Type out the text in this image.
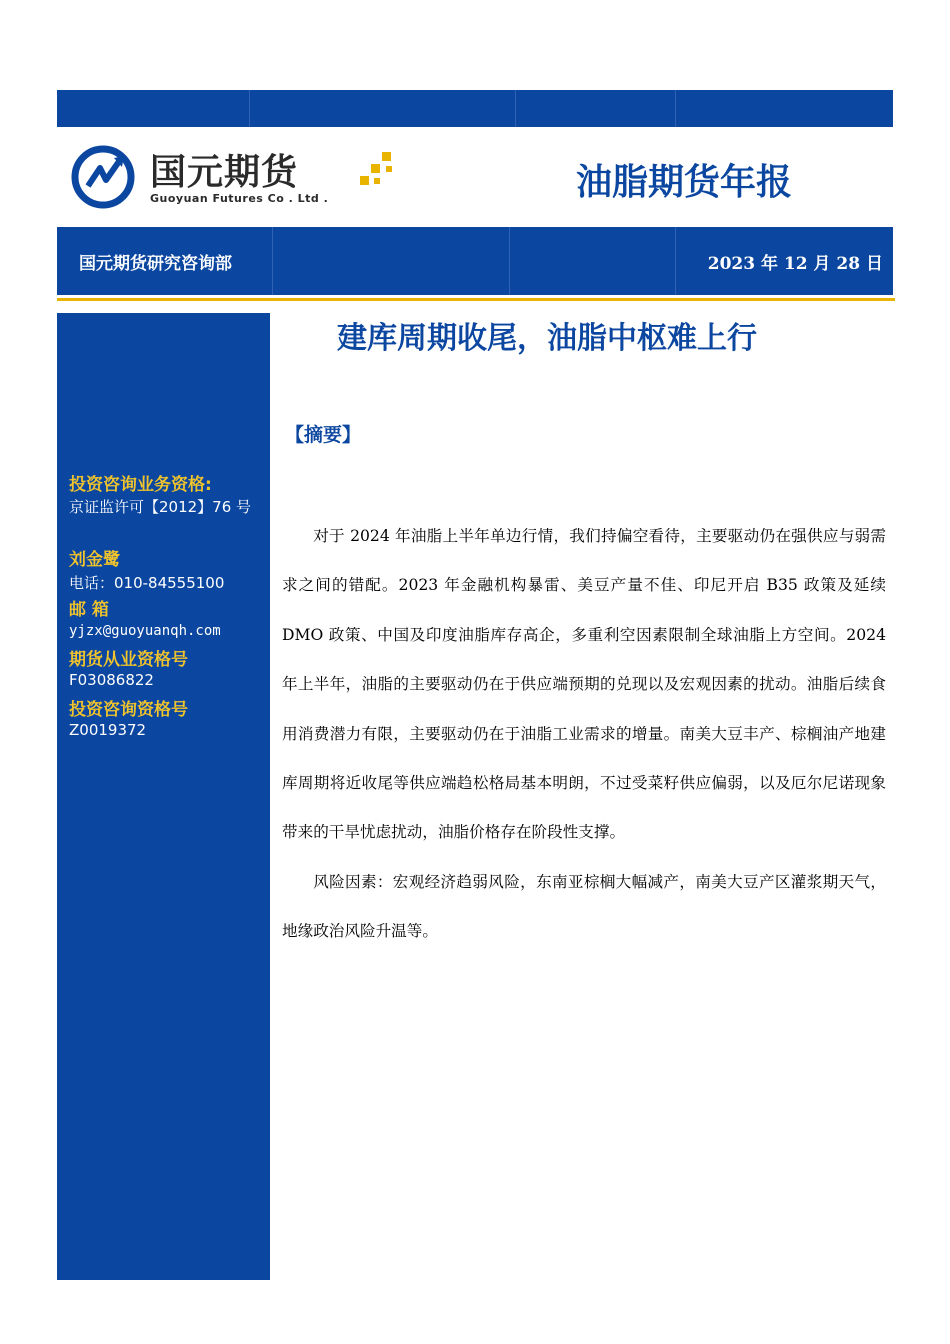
国元期货
Guoyuan Futures Co . Ltd .	油脂期货年报
国元期货研究咨询部	2023 年 12 月 28 日
投资咨询业务资格:
京证监许可【2012】76 号
刘金鹭
电话：010-84555100
邮 箱
yjzx@guoyuanqh.com
期货从业资格号
F03086822
投资咨询资格号
Z0019372
建库周期收尾，油脂中枢难上行
【摘要】

对于 2024 年油脂上半年单边行情，我们持偏空看待，主要驱动仍在强供应与弱需求之间的错配。2023 年金融机构暴雷、美豆产量不佳、印尼开启 B35 政策及延续 DMO 政策、中国及印度油脂库存高企，多重利空因素限制全球油脂上方空间。2024 年上半年，油脂的主要驱动仍在于供应端预期的兑现以及宏观因素的扰动。油脂后续食用消费潜力有限，主要驱动仍在于油脂工业需求的增量。南美大豆丰产、棕榈油产地建库周期将近收尾等供应端趋松格局基本明朗，不过受菜籽供应偏弱，以及厄尔尼诺现象带来的干旱忧虑扰动，油脂价格存在阶段性支撑。

风险因素：宏观经济趋弱风险，东南亚棕榈大幅减产，南美大豆产区灌浆期天气，地缘政治风险升温等。
